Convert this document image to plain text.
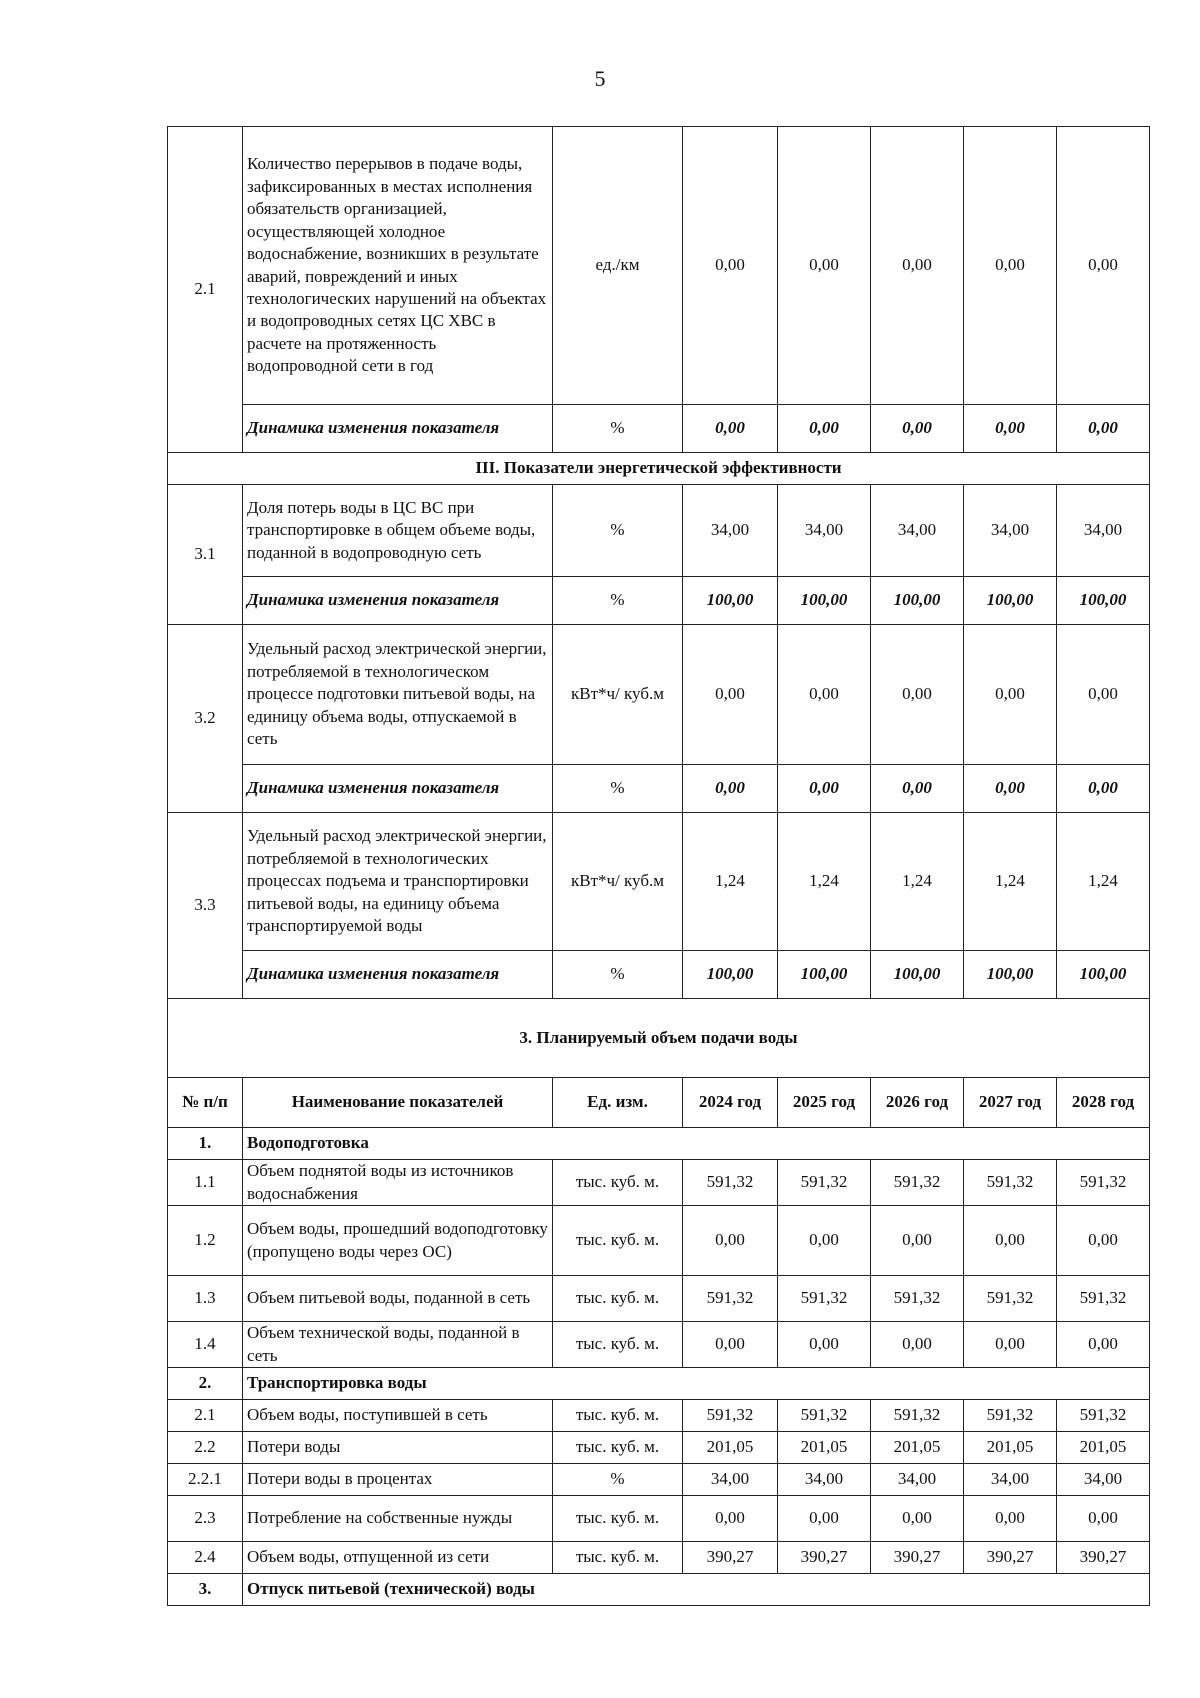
5
2.1	Количество перерывов в подаче воды, зафиксированных в местах исполнения обязательств организацией, осуществляющей холодное водоснабжение, возникших в результате аварий, повреждений и иных технологических нарушений на объектах и водопроводных сетях ЦС ХВС в расчете на протяженность водопроводной сети в год	ед./км	0,00	0,00	0,00	0,00	0,00
	Динамика изменения показателя	%	0,00	0,00	0,00	0,00	0,00
III. Показатели энергетической эффективности							
3.1	Доля потерь воды в ЦС ВС при транспортировке в общем объеме воды, поданной в водопроводную сеть	%	34,00	34,00	34,00	34,00	34,00
	Динамика изменения показателя	%	100,00	100,00	100,00	100,00	100,00
3.2	Удельный расход электрической энергии, потребляемой в технологическом процессе подготовки питьевой воды, на единицу объема воды, отпускаемой в сеть	кВт*ч/ куб.м	0,00	0,00	0,00	0,00	0,00
	Динамика изменения показателя	%	0,00	0,00	0,00	0,00	0,00
3.3	Удельный расход электрической энергии, потребляемой в технологических процессах подъема и транспортировки питьевой воды, на единицу объема транспортируемой воды	кВт*ч/ куб.м	1,24	1,24	1,24	1,24	1,24
	Динамика изменения показателя	%	100,00	100,00	100,00	100,00	100,00
3. Планируемый объем подачи воды							
№ п/п	Наименование показателей	Ед. изм.	2024 год	2025 год	2026 год	2027 год	2028 год
1.	Водоподготовка						
1.1	Объем поднятой воды из источников водоснабжения	тыс. куб. м.	591,32	591,32	591,32	591,32	591,32
1.2	Объем воды, прошедший водоподготовку (пропущено воды через ОС)	тыс. куб. м.	0,00	0,00	0,00	0,00	0,00
1.3	Объем питьевой воды, поданной в сеть	тыс. куб. м.	591,32	591,32	591,32	591,32	591,32
1.4	Объем технической воды, поданной в сеть	тыс. куб. м.	0,00	0,00	0,00	0,00	0,00
2.	Транспортировка воды						
2.1	Объем воды, поступившей в сеть	тыс. куб. м.	591,32	591,32	591,32	591,32	591,32
2.2	Потери воды	тыс. куб. м.	201,05	201,05	201,05	201,05	201,05
2.2.1	Потери воды в процентах	%	34,00	34,00	34,00	34,00	34,00
2.3	Потребление на собственные нужды	тыс. куб. м.	0,00	0,00	0,00	0,00	0,00
2.4	Объем воды, отпущенной из сети	тыс. куб. м.	390,27	390,27	390,27	390,27	390,27
3.	Отпуск питьевой (технической) воды						
